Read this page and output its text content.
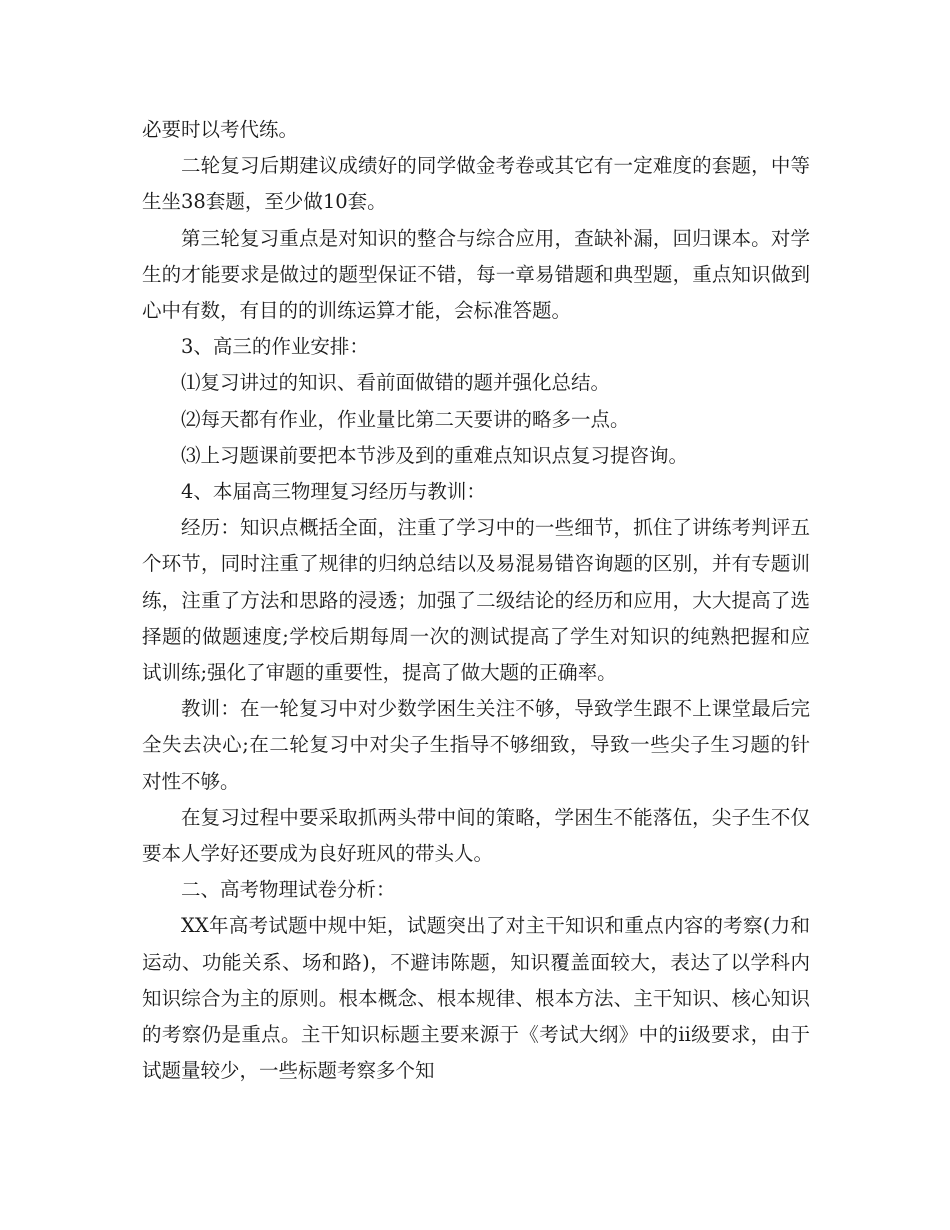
必要时以考代练。

二轮复习后期建议成绩好的同学做金考卷或其它有一定难度的套题，中等生坐38套题，至少做10套。

第三轮复习重点是对知识的整合与综合应用，查缺补漏，回归课本。对学生的才能要求是做过的题型保证不错，每一章易错题和典型题，重点知识做到心中有数，有目的的训练运算才能，会标准答题。

3、高三的作业安排：

⑴复习讲过的知识、看前面做错的题并强化总结。

⑵每天都有作业，作业量比第二天要讲的略多一点。

⑶上习题课前要把本节涉及到的重难点知识点复习提咨询。

4、本届高三物理复习经历与教训：

经历：知识点概括全面，注重了学习中的一些细节，抓住了讲练考判评五个环节，同时注重了规律的归纳总结以及易混易错咨询题的区别，并有专题训练，注重了方法和思路的浸透；加强了二级结论的经历和应用，大大提高了选择题的做题速度;学校后期每周一次的测试提高了学生对知识的纯熟把握和应试训练;强化了审题的重要性，提高了做大题的正确率。

教训：在一轮复习中对少数学困生关注不够，导致学生跟不上课堂最后完全失去决心;在二轮复习中对尖子生指导不够细致，导致一些尖子生习题的针对性不够。

在复习过程中要采取抓两头带中间的策略，学困生不能落伍，尖子生不仅要本人学好还要成为良好班风的带头人。

二、高考物理试卷分析：

XX年高考试题中规中矩，试题突出了对主干知识和重点内容的考察(力和运动、功能关系、场和路)，不避讳陈题，知识覆盖面较大，表达了以学科内知识综合为主的原则。根本概念、根本规律、根本方法、主干知识、核心知识的考察仍是重点。主干知识标题主要来源于《考试大纲》中的ⅱ级要求，由于试题量较少，一些标题考察多个知
